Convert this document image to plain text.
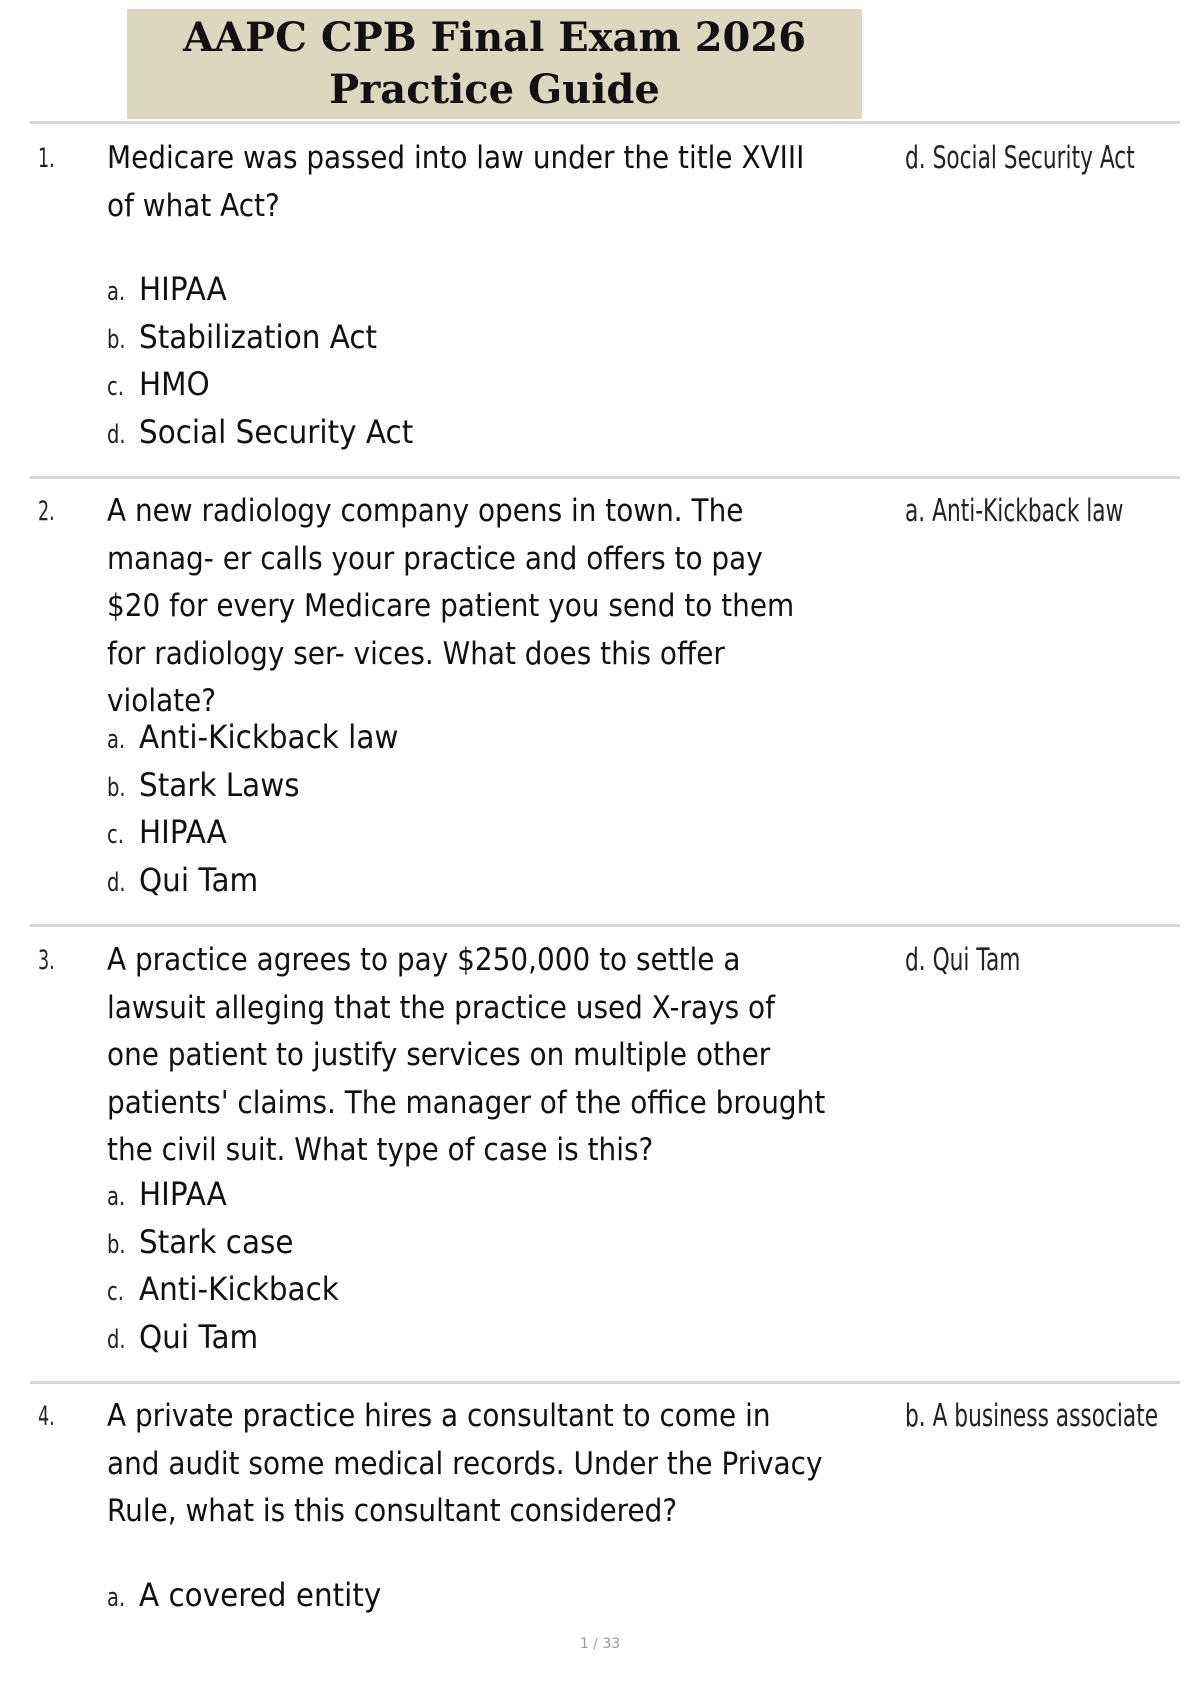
AAPC CPB Final Exam 2026
Practice Guide
1. Medicare was passed into law under the title XVIII of what Act?
d. Social Security Act
a. HIPAA
b. Stabilization Act
c. HMO
d. Social Security Act
2. A new radiology company opens in town. The manag- er calls your practice and offers to pay $20 for every Medicare patient you send to them for radiology ser- vices. What does this offer violate?
a. Anti-Kickback law
a. Anti-Kickback law
b. Stark Laws
c. HIPAA
d. Qui Tam
3. A practice agrees to pay $250,000 to settle a lawsuit alleging that the practice used X-rays of one patient to justify services on multiple other patients' claims. The manager of the office brought the civil suit. What type of case is this?
d. Qui Tam
a. HIPAA
b. Stark case
c. Anti-Kickback
d. Qui Tam
4. A private practice hires a consultant to come in and audit some medical records. Under the Privacy Rule, what is this consultant considered?
b. A business associate
a. A covered entity
1 / 33
